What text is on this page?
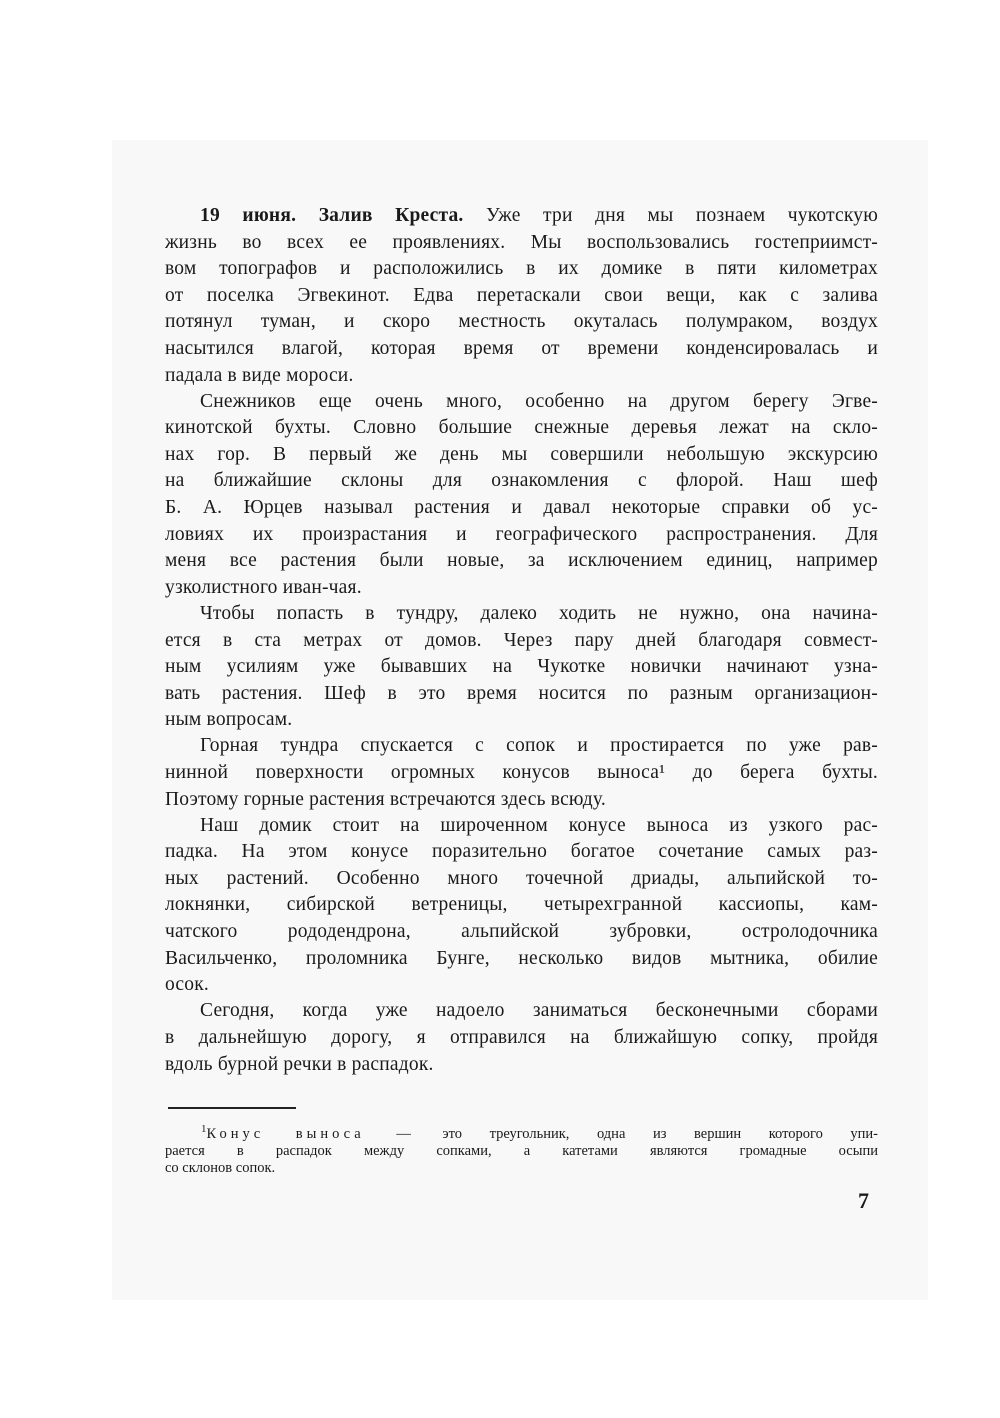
19 июня. Залив Креста. Уже три дня мы познаем чукотскую
жизнь во всех ее проявлениях. Мы воспользовались гостеприимст-
вом топографов и расположились в их домике в пяти километрах
от поселка Эгвекинот. Едва перетаскали свои вещи, как с залива
потянул туман, и скоро местность окуталась полумраком, воздух
насытился влагой, которая время от времени конденсировалась и
падала в виде мороси.
Снежников еще очень много, особенно на другом берегу Эгве-
кинотской бухты. Словно большие снежные деревья лежат на скло-
нах гор. В первый же день мы совершили небольшую экскурсию
на ближайшие склоны для ознакомления с флорой. Наш шеф
Б. А. Юрцев называл растения и давал некоторые справки об ус-
ловиях их произрастания и географического распространения. Для
меня все растения были новые, за исключением единиц, например
узколистного иван-чая.
Чтобы попасть в тундру, далеко ходить не нужно, она начина-
ется в ста метрах от домов. Через пару дней благодаря совмест-
ным усилиям уже бывавших на Чукотке новички начинают узна-
вать растения. Шеф в это время носится по разным организацион-
ным вопросам.
Горная тундра спускается с сопок и простирается по уже рав-
нинной поверхности огромных конусов выноса¹ до берега бухты.
Поэтому горные растения встречаются здесь всюду.
Наш домик стоит на широченном конусе выноса из узкого рас-
падка. На этом конусе поразительно богатое сочетание самых раз-
ных растений. Особенно много точечной дриады, альпийской то-
локнянки, сибирской ветреницы, четырехгранной кассиопы, кам-
чатского рододендрона, альпийской зубровки, остролодочника
Васильченко, проломника Бунге, несколько видов мытника, обилие
осок.
Сегодня, когда уже надоело заниматься бесконечными сборами
в дальнейшую дорогу, я отправился на ближайшую сопку, пройдя
вдоль бурной речки в распадок.
$^1$Конус выноса — это треугольник, одна из вершин которого упи-
рается в распадок между сопками, а катетами являются громадные осыпи
со склонов сопок.
7
